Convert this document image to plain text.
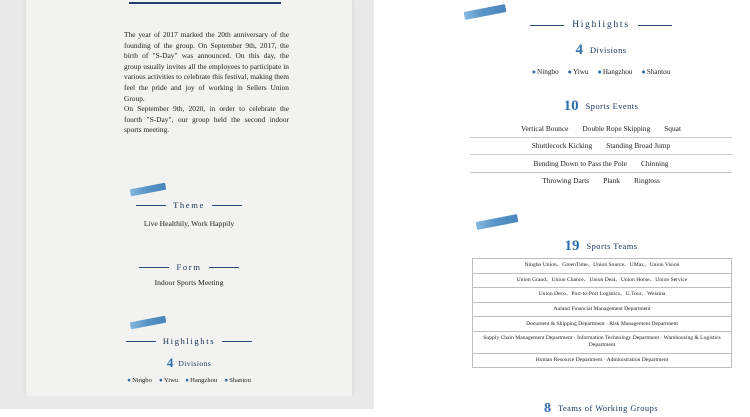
The year of 2017 marked the 20th anniversary of the founding of the group. On September 9th, 2017, the birth of "S-Day" was announced. On this day, the group usually invites all the employees to participate in various activities to celebrate this festival, making them feel the pride and joy of working in Sellers Union Group.

On September 9th, 2020, in order to celebrate the fourth "S-Day", our group held the second indoor sports meeting.

Theme
Live Healthily, Work Happily
Form
Indoor Sports Meeting
Highlights
4 Divisions
●Ningbo ●Yiwu ●Hangzhou ●Shantou
Highlights
4 Divisions
●Ningbo ●Yiwu ●Hangzhou ●Shantou
10 Sports Events
Vertical Bounce Double Rope Skipping Squat
Shuttlecock Kicking Standing Broad Jump
Bending Down to Pass the Pole Chinning
Throwing Darts Plank Ringtoss
19 Sports Teams
Ningbo Union、GreenTime、Union Source、UMax、Union Vision
Union Grand、Union Chance、Union Deal、Union Horse、Union Service
Union Deco、Port-to-Port Logistics、U.Tour、Weiaina
Auland Financial Management Department
Document & Shipping Department · Risk Management Department
Supply Chain Management Department · Information Technology Department · Warehousing & Logistics Department
Human Resource Department · Administration Department
8 Teams of Working Groups
